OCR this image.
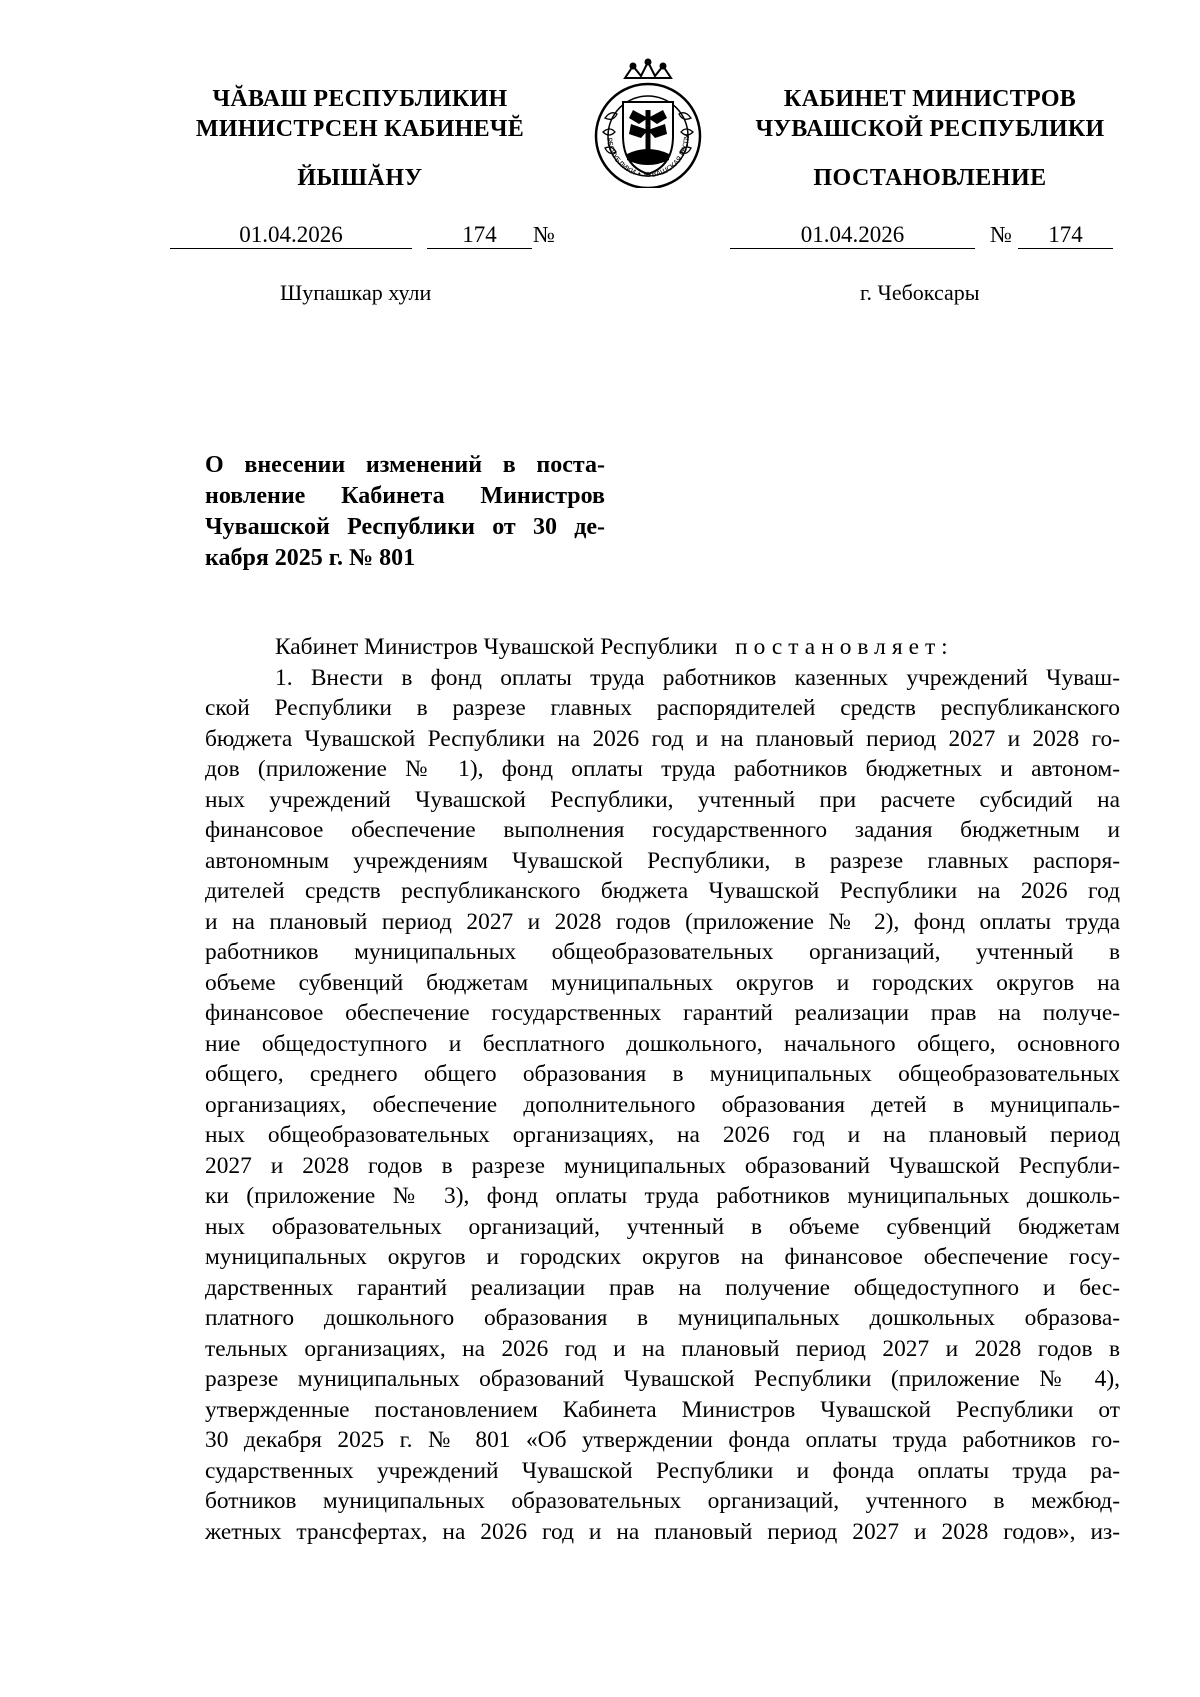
ЧĂВАШ РЕСПУБЛИКИН
МИНИСТРСЕН КАБИНЕЧĔ
ЙЫШĂНУ
КАБИНЕТ МИНИСТРОВ
ЧУВАШСКОЙ РЕСПУБЛИКИ
ПОСТАНОВЛЕНИЕ
РЕСПУБЛИКИ • ЧУВАШСКАЯ РЕСПУ
01.04.2026	174	№	01.04.2026	№	174
Шупашкар хули	г. Чебоксары
О внесении изменений в поста-
новление Кабинета Министров
Чувашской Республики от 30 де-
кабря 2025 г. № 801
Кабинет Министров Чувашской Республики постановляет:
1. Внести в фонд оплаты труда работников казенных учреждений Чуваш-
ской Республики в разрезе главных распорядителей средств республиканского
бюджета Чувашской Республики на 2026 год и на плановый период 2027 и 2028 го-
дов (приложение № 1), фонд оплаты труда работников бюджетных и автоном-
ных учреждений Чувашской Республики, учтенный при расчете субсидий на
финансовое обеспечение выполнения государственного задания бюджетным и
автономным учреждениям Чувашской Республики, в разрезе главных распоря-
дителей средств республиканского бюджета Чувашской Республики на 2026 год
и на плановый период 2027 и 2028 годов (приложение № 2), фонд оплаты труда
работников муниципальных общеобразовательных организаций, учтенный в
объеме субвенций бюджетам муниципальных округов и городских округов на
финансовое обеспечение государственных гарантий реализации прав на получе-
ние общедоступного и бесплатного дошкольного, начального общего, основного
общего, среднего общего образования в муниципальных общеобразовательных
организациях, обеспечение дополнительного образования детей в муниципаль-
ных общеобразовательных организациях, на 2026 год и на плановый период
2027 и 2028 годов в разрезе муниципальных образований Чувашской Республи-
ки (приложение № 3), фонд оплаты труда работников муниципальных дошколь-
ных образовательных организаций, учтенный в объеме субвенций бюджетам
муниципальных округов и городских округов на финансовое обеспечение госу-
дарственных гарантий реализации прав на получение общедоступного и бес-
платного дошкольного образования в муниципальных дошкольных образова-
тельных организациях, на 2026 год и на плановый период 2027 и 2028 годов в
разрезе муниципальных образований Чувашской Республики (приложение № 4),
утвержденные постановлением Кабинета Министров Чувашской Республики от
30 декабря 2025 г. № 801 «Об утверждении фонда оплаты труда работников го-
сударственных учреждений Чувашской Республики и фонда оплаты труда ра-
ботников муниципальных образовательных организаций, учтенного в межбюд-
жетных трансфертах, на 2026 год и на плановый период 2027 и 2028 годов», из-
